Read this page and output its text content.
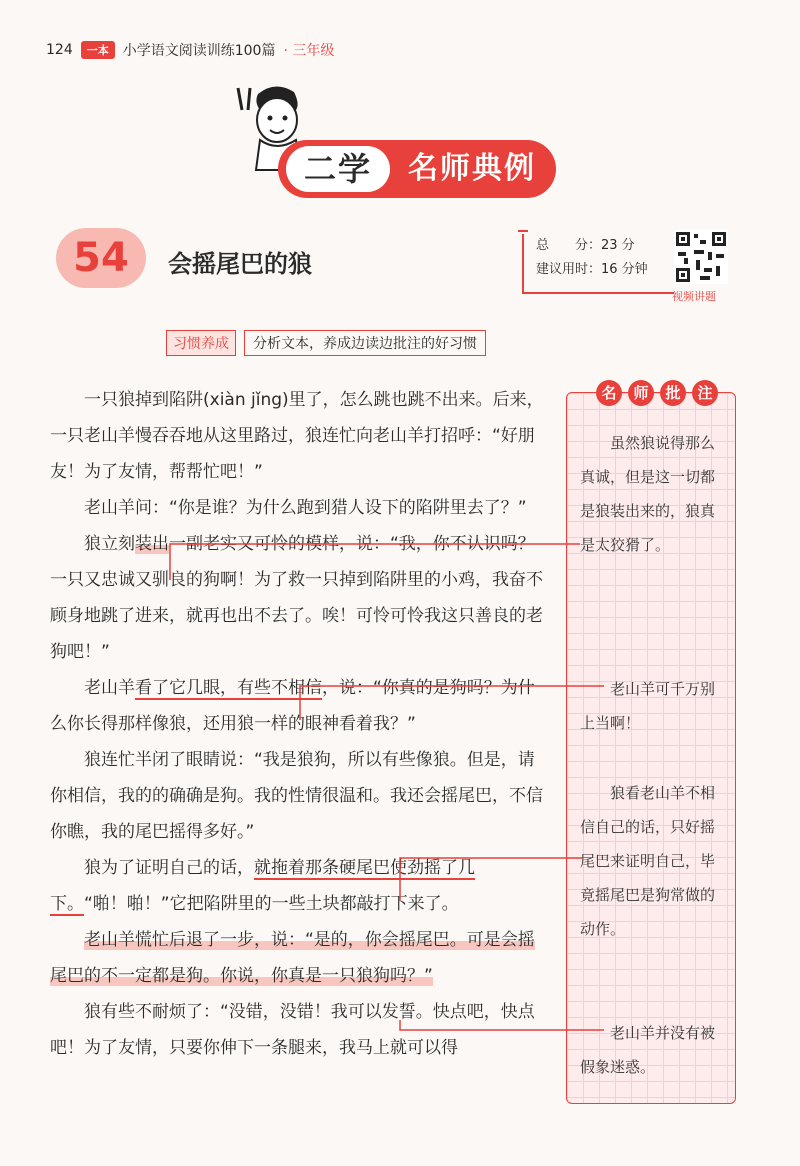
124	一本	小学语文阅读训练100篇 · 三年级
二学	名师典例
54	会摇尾巴的狼
总　　分：23 分
建议用时：16 分钟
视频讲题
习惯养成	分析文本，养成边读边批注的好习惯

一只狼掉到陷阱(xiàn jǐng)里了，怎么跳也跳不出来。后来，一只老山羊慢吞吞地从这里路过，狼连忙向老山羊打招呼：“好朋友！为了友情，帮帮忙吧！”

老山羊问：“你是谁？为什么跑到猎人设下的陷阱里去了？”

狼立刻装出一副老实又可怜的模样，说：“我，你不认识吗？一只又忠诚又驯良的狗啊！为了救一只掉到陷阱里的小鸡，我奋不顾身地跳了进来，就再也出不去了。唉！可怜可怜我这只善良的老狗吧！”

老山羊看了它几眼，有些不相信，说：“你真的是狗吗？为什么你长得那样像狼，还用狼一样的眼神看着我？”

狼连忙半闭了眼睛说：“我是狼狗，所以有些像狼。但是，请你相信，我的的确确是狗。我的性情很温和。我还会摇尾巴，不信你瞧，我的尾巴摇得多好。”

狼为了证明自己的话，就拖着那条硬尾巴使劲摇了几下。“啪！啪！”它把陷阱里的一些土块都敲打下来了。

老山羊慌忙后退了一步，说：“是的，你会摇尾巴。可是会摇尾巴的不一定都是狗。你说，你真是一只狼狗吗？”

狼有些不耐烦了：“没错，没错！我可以发誓。快点吧，快点吧！为了友情，只要你伸下一条腿来，我马上就可以得

名	师	批	注
虽然狼说得那么真诚，但是这一切都是狼装出来的，狼真是太狡猾了。
老山羊可千万别上当啊！
狼看老山羊不相信自己的话，只好摇尾巴来证明自己，毕竟摇尾巴是狗常做的动作。
老山羊并没有被假象迷惑。
